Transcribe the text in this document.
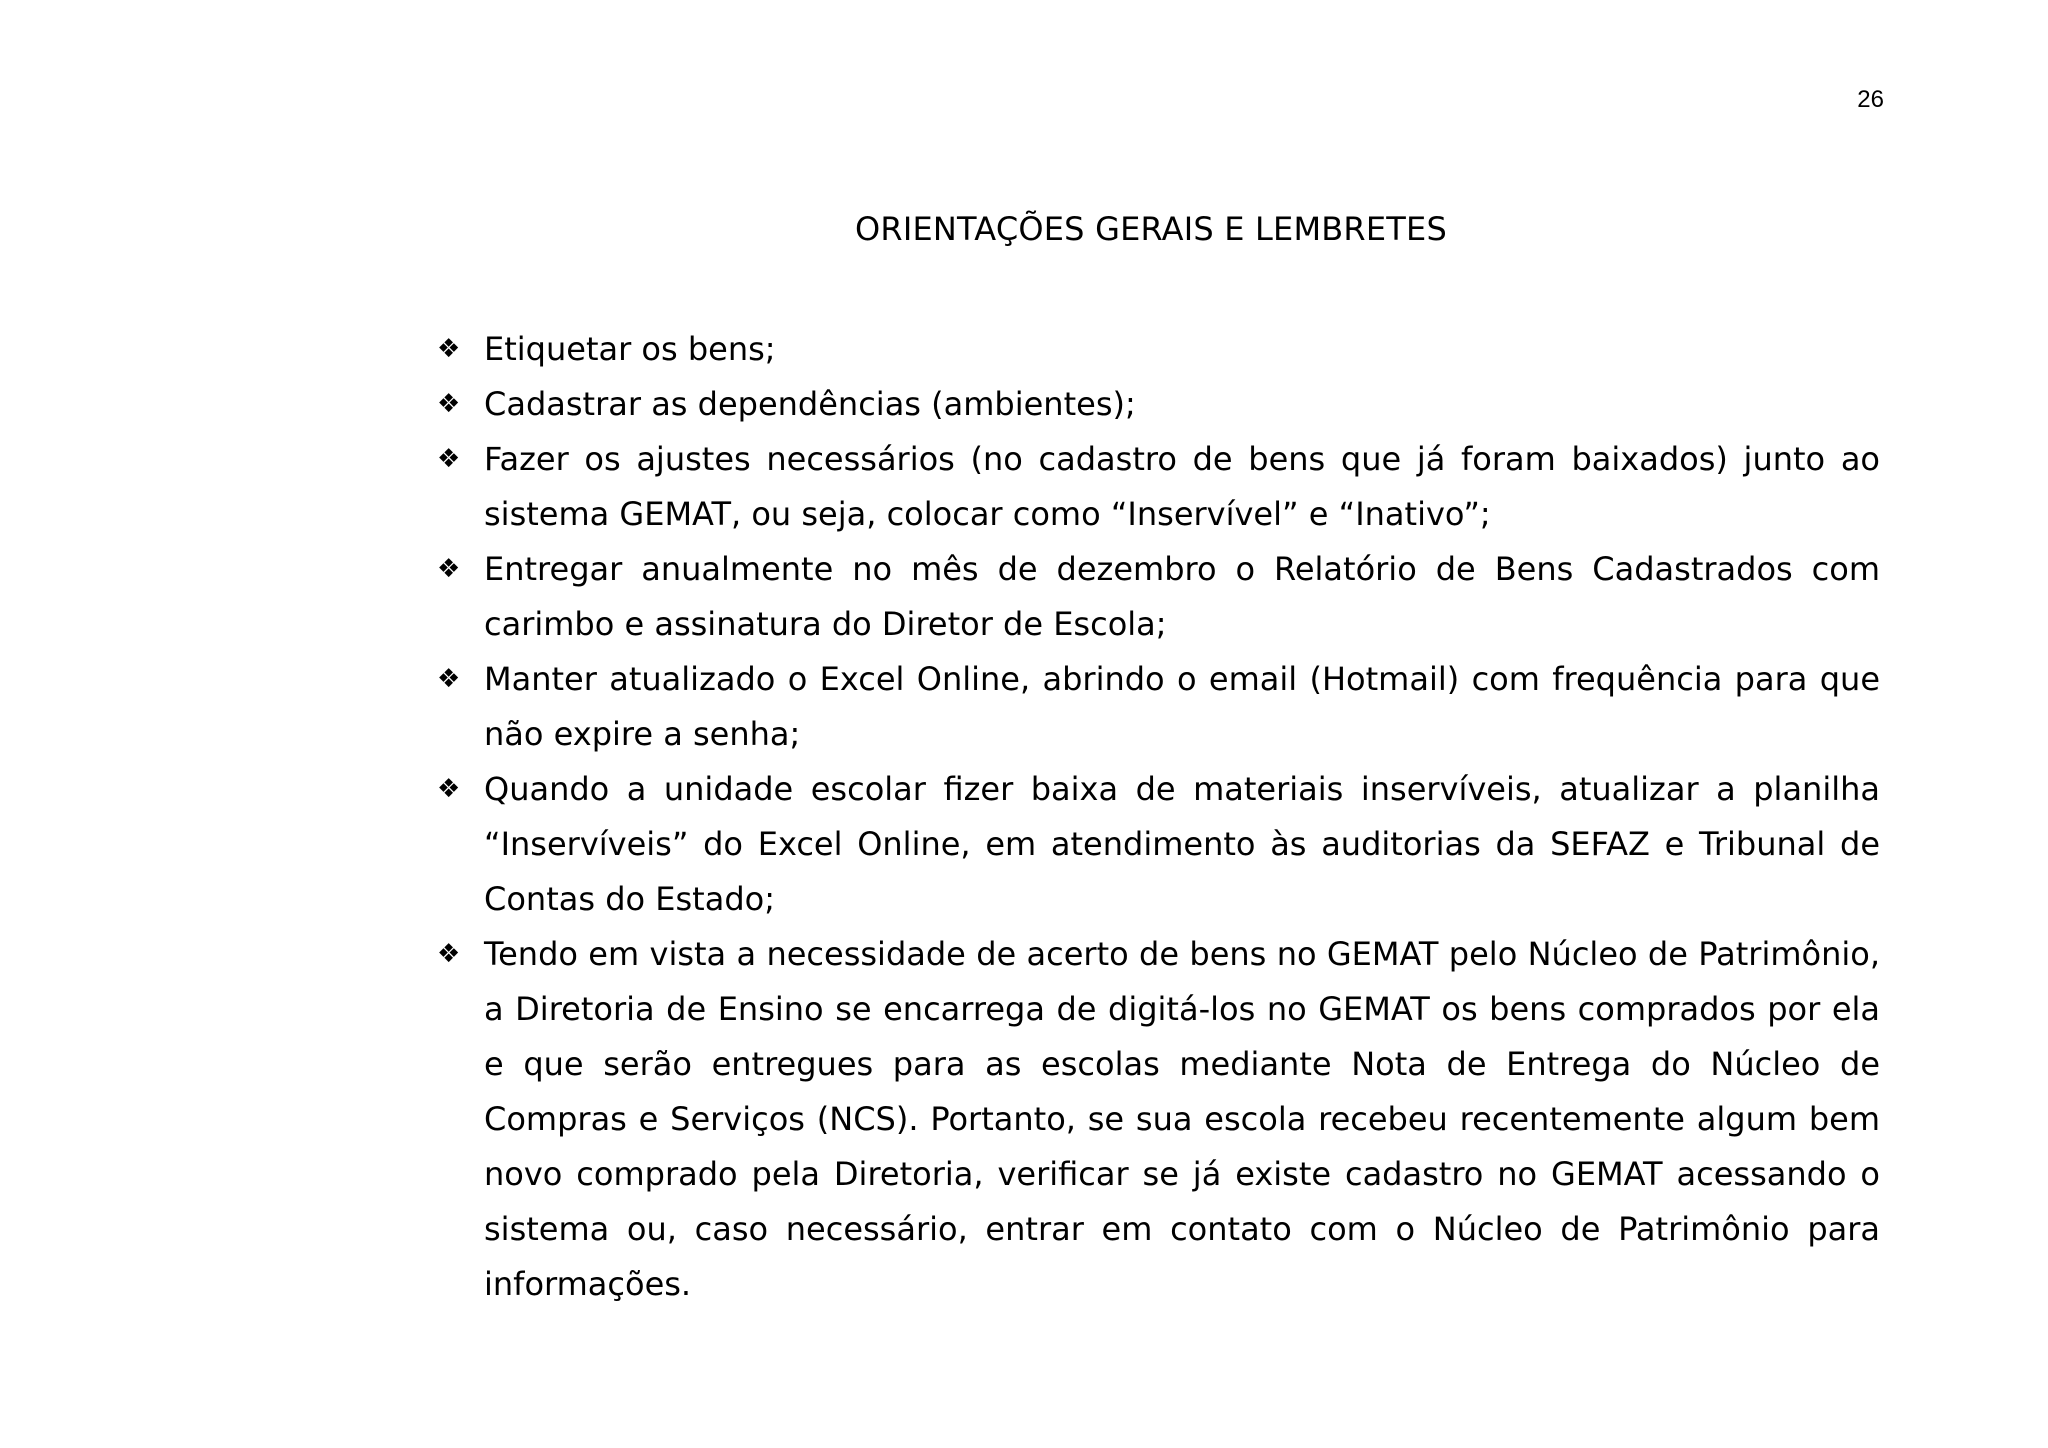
26
ORIENTAÇÕES GERAIS E LEMBRETES
❖ Etiquetar os bens;
❖ Cadastrar as dependências (ambientes);
❖ Fazer os ajustes necessários (no cadastro de bens que já foram baixados) junto ao sistema GEMAT, ou seja, colocar como “Inservível” e “Inativo”;
❖ Entregar anualmente no mês de dezembro o Relatório de Bens Cadastrados com carimbo e assinatura do Diretor de Escola;
❖ Manter atualizado o Excel Online, abrindo o email (Hotmail) com frequência para que não expire a senha;
❖ Quando a unidade escolar fizer baixa de materiais inservíveis, atualizar a planilha “Inservíveis” do Excel Online, em atendimento às auditorias da SEFAZ e Tribunal de Contas do Estado;
❖ Tendo em vista a necessidade de acerto de bens no GEMAT pelo Núcleo de Patrimônio, a Diretoria de Ensino se encarrega de digitá-los no GEMAT os bens comprados por ela e que serão entregues para as escolas mediante Nota de Entrega do Núcleo de Compras e Serviços (NCS). Portanto, se sua escola recebeu recentemente algum bem novo comprado pela Diretoria, verificar se já existe cadastro no GEMAT acessando o sistema ou, caso necessário, entrar em contato com o Núcleo de Patrimônio para informações.
